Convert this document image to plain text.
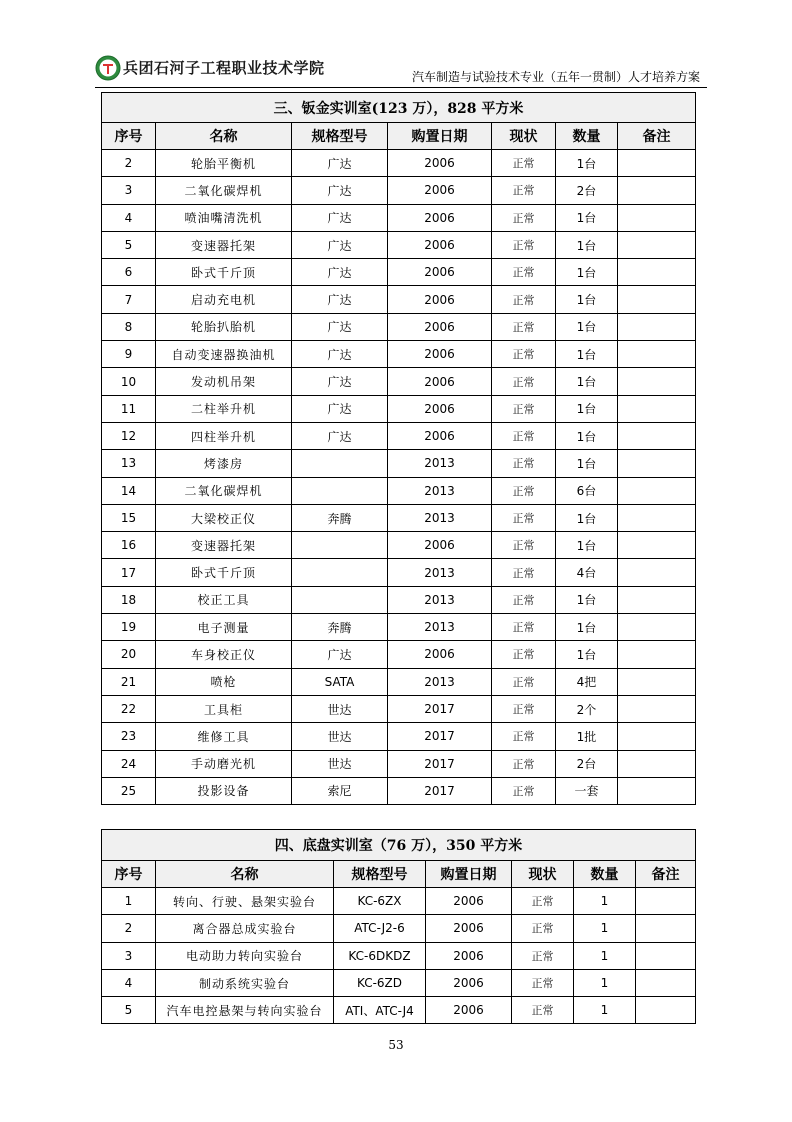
兵团石河子工程职业技术学院	汽车制造与试验技术专业（五年一贯制）人才培养方案
三、钣金实训室(123 万），828 平方米						
序号	名称	规格型号	购置日期	现状	数量	备注
2	轮胎平衡机	广达	2006	正常	1台	
3	二氧化碳焊机	广达	2006	正常	2台	
4	喷油嘴清洗机	广达	2006	正常	1台	
5	变速器托架	广达	2006	正常	1台	
6	卧式千斤顶	广达	2006	正常	1台	
7	启动充电机	广达	2006	正常	1台	
8	轮胎扒胎机	广达	2006	正常	1台	
9	自动变速器换油机	广达	2006	正常	1台	
10	发动机吊架	广达	2006	正常	1台	
11	二柱举升机	广达	2006	正常	1台	
12	四柱举升机	广达	2006	正常	1台	
13	烤漆房		2013	正常	1台	
14	二氧化碳焊机		2013	正常	6台	
15	大梁校正仪	奔腾	2013	正常	1台	
16	变速器托架		2006	正常	1台	
17	卧式千斤顶		2013	正常	4台	
18	校正工具		2013	正常	1台	
19	电子测量	奔腾	2013	正常	1台	
20	车身校正仪	广达	2006	正常	1台	
21	喷枪	SATA	2013	正常	4把	
22	工具柜	世达	2017	正常	2个	
23	维修工具	世达	2017	正常	1批	
24	手动磨光机	世达	2017	正常	2台	
25	投影设备	索尼	2017	正常	一套	
四、底盘实训室（76 万），350 平方米						
序号	名称	规格型号	购置日期	现状	数量	备注
1	转向、行驶、悬架实验台	KC-6ZX	2006	正常	1	
2	离合器总成实验台	ATC-J2-6	2006	正常	1	
3	电动助力转向实验台	KC-6DKDZ	2006	正常	1	
4	制动系统实验台	KC-6ZD	2006	正常	1	
5	汽车电控悬架与转向实验台	ATI、ATC-J4	2006	正常	1	
53
